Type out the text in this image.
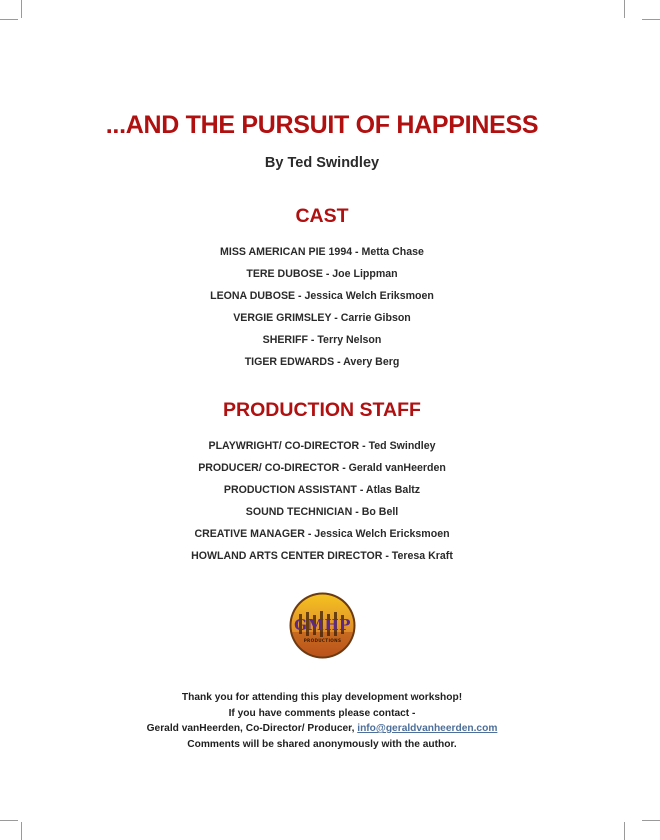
...AND THE PURSUIT OF HAPPINESS
By Ted Swindley
CAST
MISS AMERICAN PIE 1994 - Metta Chase
TERE DUBOSE - Joe Lippman
LEONA DUBOSE - Jessica Welch Eriksmoen
VERGIE GRIMSLEY - Carrie Gibson
SHERIFF - Terry Nelson
TIGER EDWARDS - Avery Berg
PRODUCTION STAFF
PLAYWRIGHT/ CO-DIRECTOR - Ted Swindley
PRODUCER/ CO-DIRECTOR - Gerald vanHeerden
PRODUCTION ASSISTANT - Atlas Baltz
SOUND TECHNICIAN - Bo Bell
CREATIVE MANAGER - Jessica Welch Ericksmoen
HOWLAND ARTS CENTER DIRECTOR - Teresa Kraft
GMHP
PRODUCTIONS
Thank you for attending this play development workshop!
If you have comments please contact -
Gerald vanHeerden, Co-Director/ Producer, info@geraldvanheerden.com
Comments will be shared anonymously with the author.
